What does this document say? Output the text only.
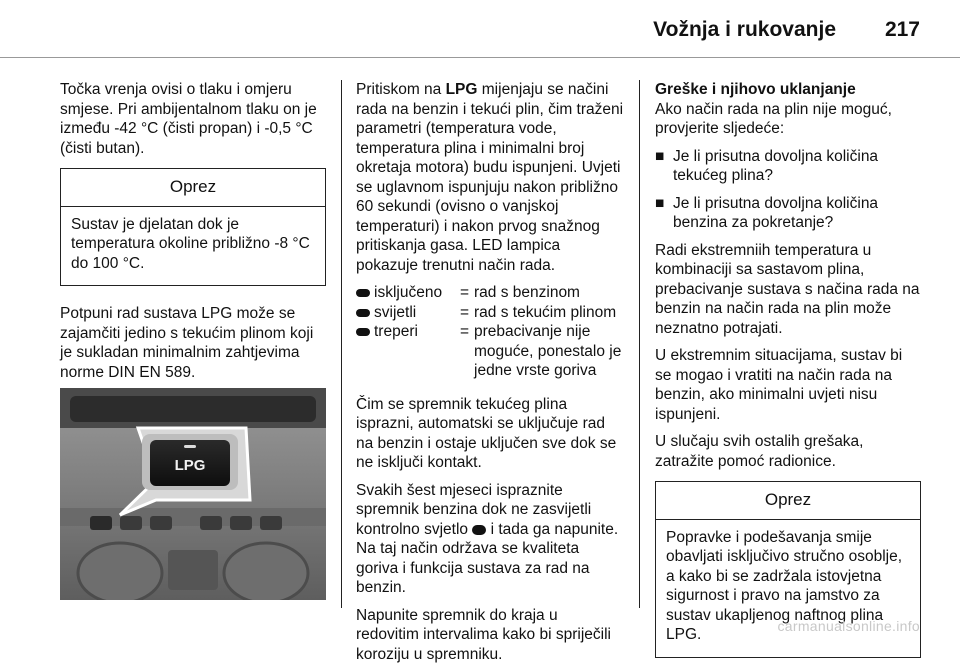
Vožnja i rukovanje 217

Točka vrenja ovisi o tlaku i omjeru smjese. Pri ambijentalnom tlaku on je između -42 °C (čisti propan) i -0,5 °C (čisti butan).

Oprez
Sustav je djelatan dok je temperatura okoline približno -8 °C do 100 °C.

Potpuni rad sustava LPG može se zajamčiti jedino s tekućim plinom koji je sukladan minimalnim zahtjevima norme DIN EN 589.

LPG

Pritiskom na LPG mijenjaju se načini rada na benzin i tekući plin, čim traženi parametri (temperatura vode, temperatura plina i minimalni broj okretaja motora) budu ispunjeni. Uvjeti se uglavnom ispunjuju nakon približno 60 sekundi (ovisno o vanjskoj temperaturi) i nakon prvog snažnog pritiskanja gasa. LED lampica pokazuje trenutni način rada.

isključeno	= rad s benzinom
svijetli	= rad s tekućim plinom
treperi	= prebacivanje nije moguće, ponestalo je jedne vrste goriva

Čim se spremnik tekućeg plina isprazni, automatski se uključuje rad na benzin i ostaje uključen sve dok se ne isključi kontakt.

Svakih šest mjeseci ispraznite spremnik benzina dok ne zasvijetli kontrolno svjetlo  i tada ga napunite. Na taj način održava se kvaliteta goriva i funkcija sustava za rad na benzin.

Napunite spremnik do kraja u redovitim intervalima kako bi spriječili koroziju u spremniku.

Greške i njihovo uklanjanje

Ako način rada na plin nije moguć, provjerite sljedeće:

■ Je li prisutna dovoljna količina tekućeg plina?
■ Je li prisutna dovoljna količina benzina za pokretanje?

Radi ekstremniih temperatura u kombinaciji sa sastavom plina, prebacivanje sustava s načina rada na benzin na način rada na plin može neznatno potrajati.

U ekstremnim situacijama, sustav bi se mogao i vratiti na način rada na benzin, ako minimalni uvjeti nisu ispunjeni.

U slučaju svih ostalih grešaka, zatražite pomoć radionice.

Oprez
Popravke i podešavanja smije obavljati isključivo stručno osoblje, a kako bi se zadržala istovjetna sigurnost i pravo na jamstvo za sustav ukapljenog naftnog plina LPG.	carmanualsonline.info
